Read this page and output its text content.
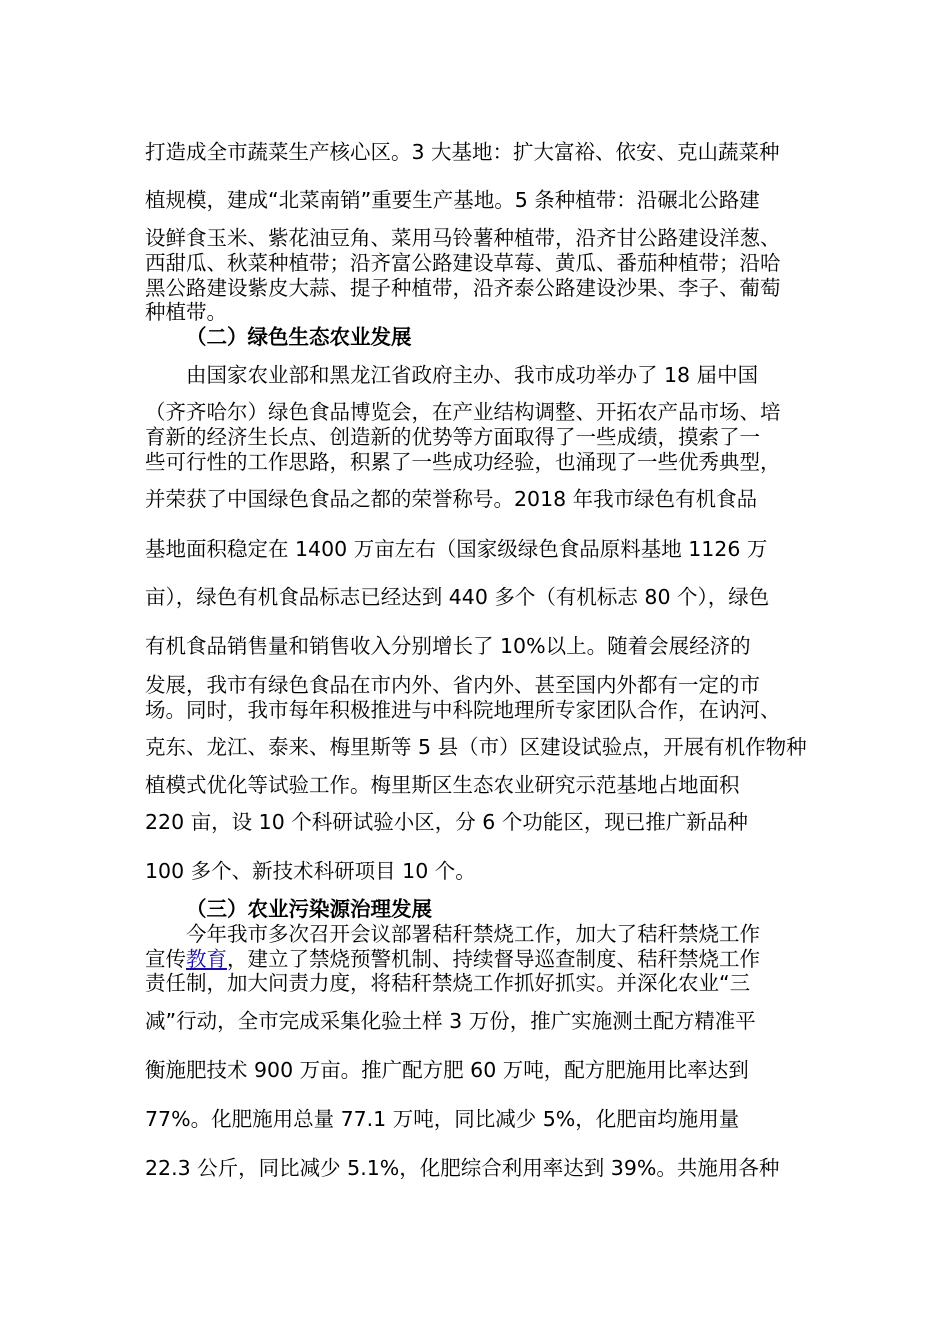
打造成全市蔬菜生产核心区。3 大基地：扩大富裕、依安、克山蔬菜种
植规模，建成“北菜南销”重要生产基地。5 条种植带：沿碾北公路建
设鲜食玉米、紫花油豆角、菜用马铃薯种植带，沿齐甘公路建设洋葱、
西甜瓜、秋菜种植带；沿齐富公路建设草莓、黄瓜、番茄种植带；沿哈
黑公路建设紫皮大蒜、提子种植带，沿齐泰公路建设沙果、李子、葡萄
种植带。
（二）绿色生态农业发展
由国家农业部和黑龙江省政府主办、我市成功举办了 18 届中国
（齐齐哈尔）绿色食品博览会，在产业结构调整、开拓农产品市场、培
育新的经济生长点、创造新的优势等方面取得了一些成绩，摸索了一
些可行性的工作思路，积累了一些成功经验，也涌现了一些优秀典型，
并荣获了中国绿色食品之都的荣誉称号。2018 年我市绿色有机食品
基地面积稳定在 1400 万亩左右（国家级绿色食品原料基地 1126 万
亩），绿色有机食品标志已经达到 440 多个（有机标志 80 个），绿色
有机食品销售量和销售收入分别增长了 10%以上。随着会展经济的
发展，我市有绿色食品在市内外、省内外、甚至国内外都有一定的市
场。同时，我市每年积极推进与中科院地理所专家团队合作，在讷河、
克东、龙江、泰来、梅里斯等 5 县（市）区建设试验点，开展有机作物种
植模式优化等试验工作。梅里斯区生态农业研究示范基地占地面积
220 亩，设 10 个科研试验小区，分 6 个功能区，现已推广新品种
100 多个、新技术科研项目 10 个。
（三）农业污染源治理发展
今年我市多次召开会议部署秸秆禁烧工作，加大了秸秆禁烧工作
宣传教育，建立了禁烧预警机制、持续督导巡查制度、秸秆禁烧工作
责任制，加大问责力度，将秸秆禁烧工作抓好抓实。并深化农业“三
减”行动，全市完成采集化验土样 3 万份，推广实施测土配方精准平
衡施肥技术 900 万亩。推广配方肥 60 万吨，配方肥施用比率达到
77%。化肥施用总量 77.1 万吨，同比减少 5%，化肥亩均施用量
22.3 公斤，同比减少 5.1%，化肥综合利用率达到 39%。共施用各种
